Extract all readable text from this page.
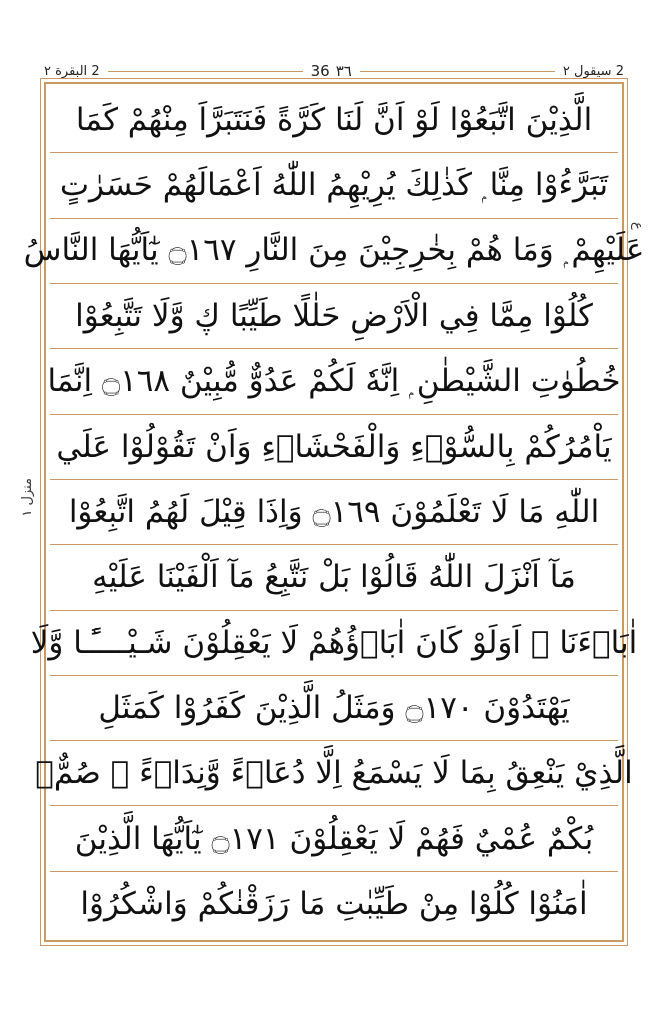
2 سيقول ٢
٣٦
36
2 البقرة ٢
الَّذِيْنَ اتَّبَعُوْا لَوْ اَنَّ لَنَا كَرَّةً فَنَتَبَرَّاَ مِنْهُمْ كَمَا
تَبَرَّءُوْا مِنَّا ۭ كَذٰلِكَ يُرِيْهِمُ اللّٰهُ اَعْمَالَهُمْ حَسَرٰتٍ
عَلَيْهِمْ ۭ وَمَا هُمْ بِخٰرِجِيْنَ مِنَ النَّارِ ۝١٦٧ يٰٓاَيُّهَا النَّاسُ
كُلُوْا مِمَّا فِي الْاَرْضِ حَلٰلًا طَيِّبًا ڮ وَّلَا تَتَّبِعُوْا
خُطُوٰتِ الشَّيْطٰنِ ۭ اِنَّهٗ لَكُمْ عَدُوٌّ مُّبِيْنٌ ۝١٦٨ اِنَّمَا
يَاْمُرُكُمْ بِالسُّوْۗءِ وَالْفَحْشَاۗءِ وَاَنْ تَقُوْلُوْا عَلَي
اللّٰهِ مَا لَا تَعْلَمُوْنَ ۝١٦٩ وَاِذَا قِيْلَ لَهُمُ اتَّبِعُوْا
مَآ اَنْزَلَ اللّٰهُ قَالُوْا بَلْ نَتَّبِعُ مَآ اَلْفَيْنَا عَلَيْهِ
اٰبَاۗءَنَا ۭ اَوَلَوْ كَانَ اٰبَاۗؤُھُمْ لَا يَعْقِلُوْنَ شَـيْــــًٔـا وَّلَا
يَهْتَدُوْنَ ۝١٧٠ وَمَثَلُ الَّذِيْنَ كَفَرُوْا كَمَثَلِ
الَّذِيْ يَنْعِقُ بِمَا لَا يَسْمَعُ اِلَّا دُعَاۗءً وَّنِدَاۗءً ۭ صُمٌّۢ
بُكْمٌ عُمْيٌ فَهُمْ لَا يَعْقِلُوْنَ ۝١٧١ يٰٓاَيُّهَا الَّذِيْنَ
اٰمَنُوْا كُلُوْا مِنْ طَيِّبٰتِ مَا رَزَقْنٰكُمْ وَاشْكُرُوْا
ع
منزل ١
